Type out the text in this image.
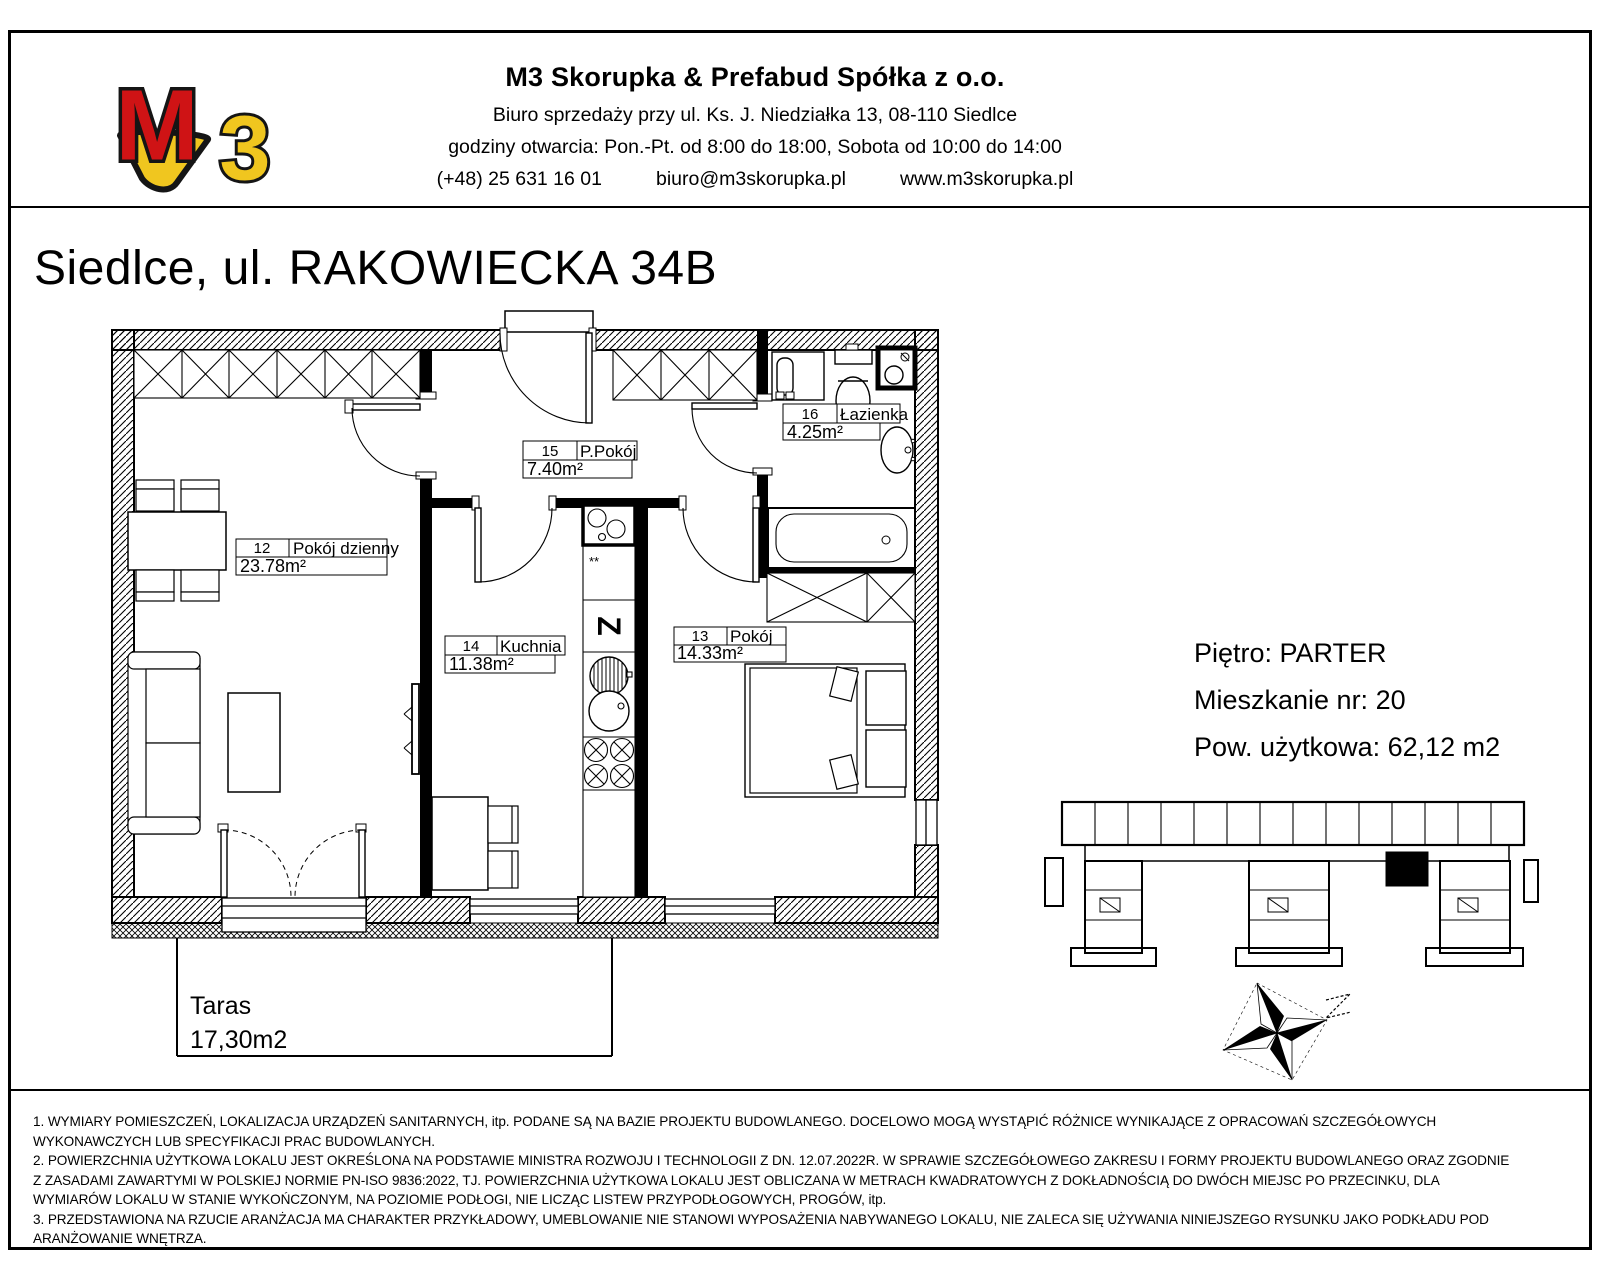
3
M	M3 Skorupka & Prefabud Spółka z o.o.
Biuro sprzedaży przy ul. Ks. J. Niedziałka 13, 08-110 Siedlce
godziny otwarcia: Pon.-Pt. od 8:00 do 18:00, Sobota od 10:00 do 14:00
(+48) 25 631 16 01	biuro@m3skorupka.pl	www.m3skorupka.pl
Siedlce, ul. RAKOWIECKA 34B
Piętro: PARTER
Mieszkanie nr: 20
Pow. użytkowa: 62,12 m2
1. WYMIARY POMIESZCZEŃ, LOKALIZACJA URZĄDZEŃ SANITARNYCH, itp. PODANE SĄ NA BAZIE PROJEKTU BUDOWLANEGO. DOCELOWO MOGĄ WYSTĄPIĆ RÓŻNICE WYNIKAJĄCE Z OPRACOWAŃ SZCZEGÓŁOWYCH
WYKONAWCZYCH LUB SPECYFIKACJI PRAC BUDOWLANYCH.
2. POWIERZCHNIA UŻYTKOWA LOKALU JEST OKREŚLONA NA PODSTAWIE MINISTRA ROZWOJU I TECHNOLOGII Z DN. 12.07.2022R. W SPRAWIE SZCZEGÓŁOWEGO ZAKRESU I FORMY PROJEKTU BUDOWLANEGO ORAZ ZGODNIE
Z ZASADAMI ZAWARTYMI W POLSKIEJ NORMIE PN-ISO 9836:2022, TJ. POWIERZCHNIA UŻYTKOWA LOKALU JEST OBLICZANA W METRACH KWADRATOWYCH Z DOKŁADNOŚCIĄ DO DWÓCH MIEJSC PO PRZECINKU, DLA
WYMIARÓW LOKALU W STANIE WYKOŃCZONYM, NA POZIOMIE PODŁOGI, NIE LICZĄC LISTEW PRZYPODŁOGOWYCH, PROGÓW, itp.
3. PRZEDSTAWIONA NA RZUCIE ARANŻACJA MA CHARAKTER PRZYKŁADOWY, UMEBLOWANIE NIE STANOWI WYPOSAŻENIA NABYWANEGO LOKALU, NIE ZALECA SIĘ UŻYWANIA NINIEJSZEGO RYSUNKU JAKO PODKŁADU POD
ARANŻOWANIE WNĘTRZA.
**
Z
12 Pokój dzienny
23.78m²
15 P.Pokój
7.40m²
16 Łazienka
4.25m²
14 Kuchnia
11.38m²
13 Pokój
14.33m²
Taras
17,30m2
